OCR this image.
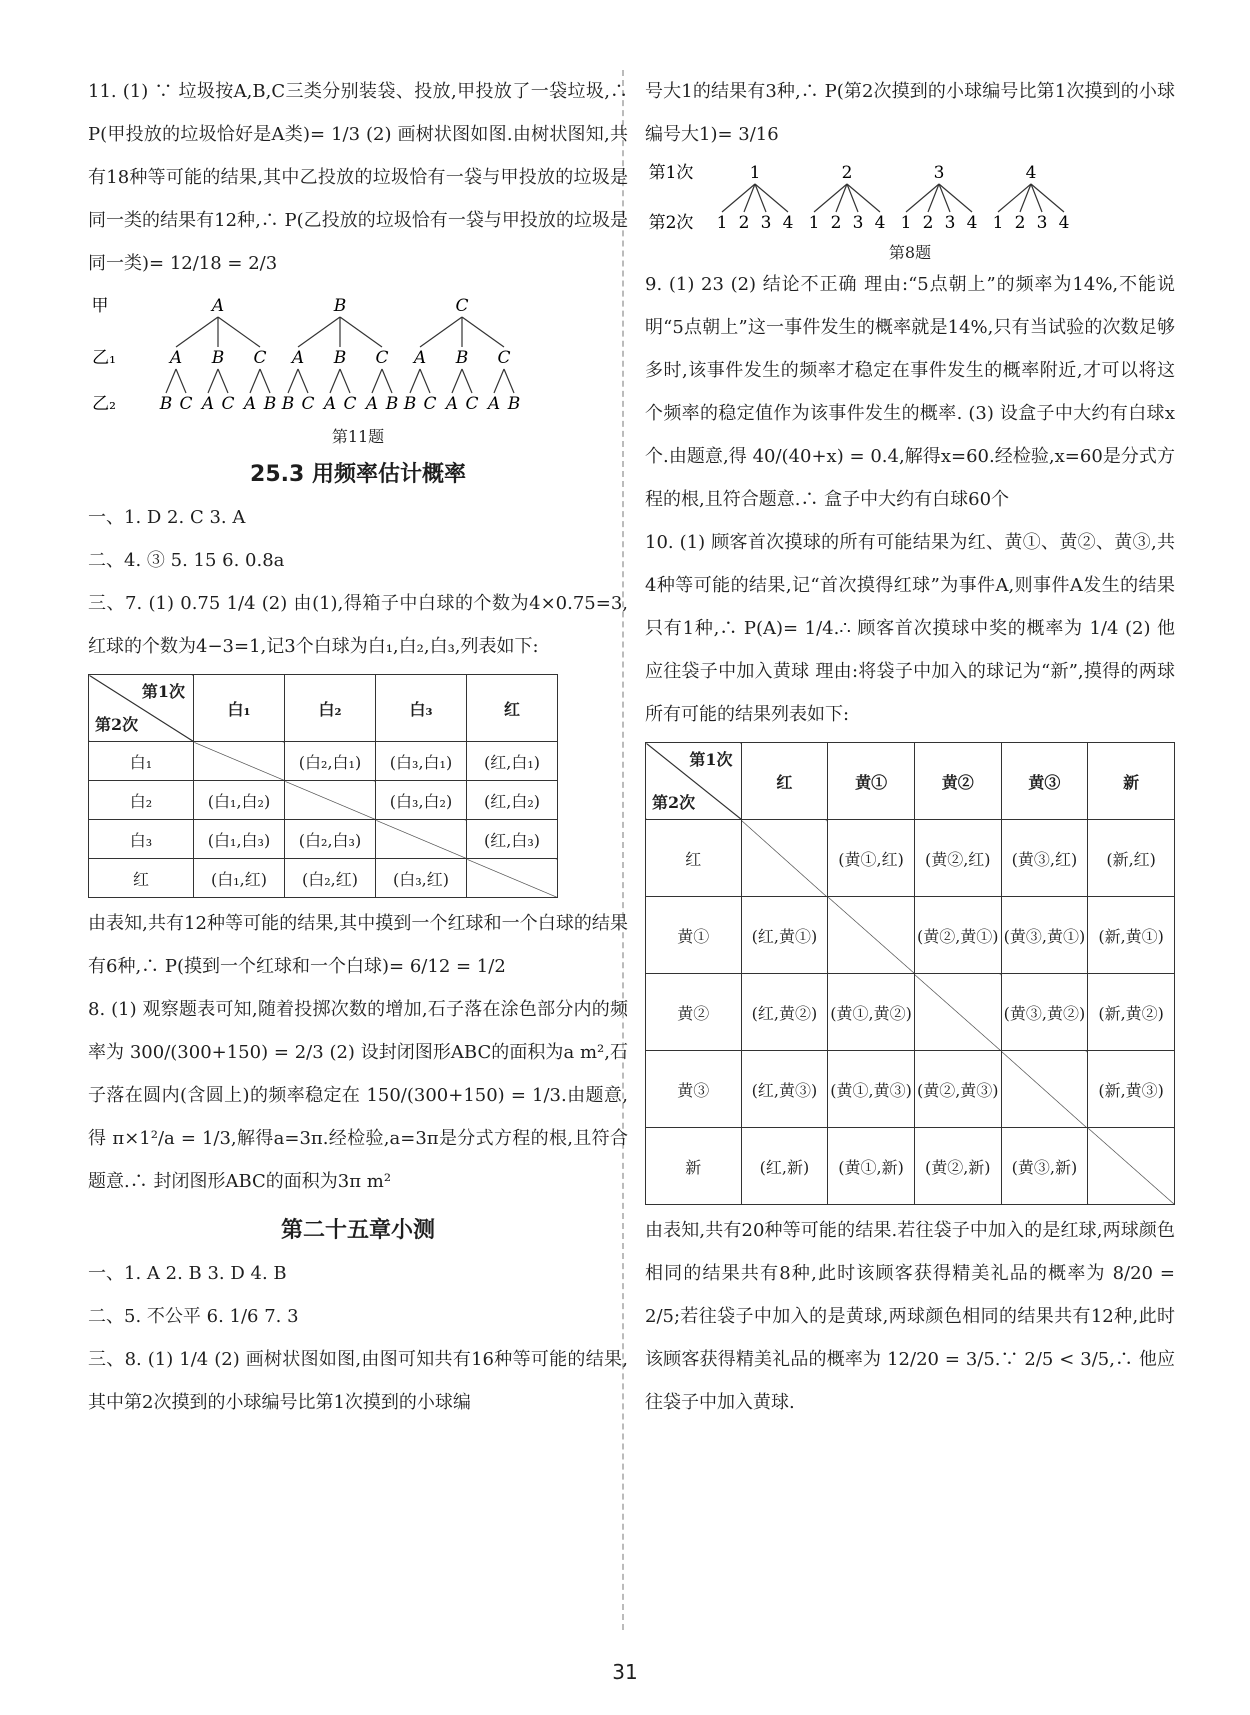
11. (1) ∵ 垃圾按A,B,C三类分别装袋、投放,甲投放了一袋垃圾,∴ P(甲投放的垃圾恰好是A类)= 1/3 (2) 画树状图如图.由树状图知,共有18种等可能的结果,其中乙投放的垃圾恰有一袋与甲投放的垃圾是同一类的结果有12种,∴ P(乙投放的垃圾恰有一袋与甲投放的垃圾是同一类)= 12/18 = 2/3

甲
乙₁
乙₂
A
A
B C
B
A C
C
A B
B
A
B C
B
A C
C
A B
C
A
B C
B
A C
C
A B
第11题
25.3 用频率估计概率

一、1. D 2. C 3. A

二、4. ③ 5. 15 6. 0.8a

三、7. (1) 0.75 1/4 (2) 由(1),得箱子中白球的个数为4×0.75=3,红球的个数为4−3=1,记3个白球为白₁,白₂,白₃,列表如下:

第1次
第2次	白₁	白₂	白₃	红
白₁		(白₂,白₁)	(白₃,白₁)	(红,白₁)
白₂	(白₁,白₂)		(白₃,白₂)	(红,白₂)
白₃	(白₁,白₃)	(白₂,白₃)		(红,白₃)
红	(白₁,红)	(白₂,红)	(白₃,红)	

由表知,共有12种等可能的结果,其中摸到一个红球和一个白球的结果有6种,∴ P(摸到一个红球和一个白球)= 6/12 = 1/2

8. (1) 观察题表可知,随着投掷次数的增加,石子落在涂色部分内的频率为 300/(300+150) = 2/3 (2) 设封闭图形ABC的面积为a m²,石子落在圆内(含圆上)的频率稳定在 150/(300+150) = 1/3.由题意,得 π×1²/a = 1/3,解得a=3π.经检验,a=3π是分式方程的根,且符合题意.∴ 封闭图形ABC的面积为3π m²

第二十五章小测

一、1. A 2. B 3. D 4. B

二、5. 不公平 6. 1/6 7. 3

三、8. (1) 1/4 (2) 画树状图如图,由图可知共有16种等可能的结果,其中第2次摸到的小球编号比第1次摸到的小球编

号大1的结果有3种,∴ P(第2次摸到的小球编号比第1次摸到的小球编号大1)= 3/16

第1次
第2次
1
1 2 3 4
2
1 2 3 4
3
1 2 3 4
4
1 2 3 4
第8题

9. (1) 23 (2) 结论不正确 理由:“5点朝上”的频率为14%,不能说明“5点朝上”这一事件发生的概率就是14%,只有当试验的次数足够多时,该事件发生的频率才稳定在事件发生的概率附近,才可以将这个频率的稳定值作为该事件发生的概率. (3) 设盒子中大约有白球x个.由题意,得 40/(40+x) = 0.4,解得x=60.经检验,x=60是分式方程的根,且符合题意.∴ 盒子中大约有白球60个

10. (1) 顾客首次摸球的所有可能结果为红、黄①、黄②、黄③,共4种等可能的结果,记“首次摸得红球”为事件A,则事件A发生的结果只有1种,∴ P(A)= 1/4.∴ 顾客首次摸球中奖的概率为 1/4 (2) 他应往袋子中加入黄球 理由:将袋子中加入的球记为“新”,摸得的两球所有可能的结果列表如下:

第1次
第2次	红	黄①	黄②	黄③	新
红		(黄①,红)	(黄②,红)	(黄③,红)	(新,红)
黄①	(红,黄①)		(黄②,黄①)	(黄③,黄①)	(新,黄①)
黄②	(红,黄②)	(黄①,黄②)		(黄③,黄②)	(新,黄②)
黄③	(红,黄③)	(黄①,黄③)	(黄②,黄③)		(新,黄③)
新	(红,新)	(黄①,新)	(黄②,新)	(黄③,新)	

由表知,共有20种等可能的结果.若往袋子中加入的是红球,两球颜色相同的结果共有8种,此时该顾客获得精美礼品的概率为 8/20 = 2/5;若往袋子中加入的是黄球,两球颜色相同的结果共有12种,此时该顾客获得精美礼品的概率为 12/20 = 3/5.∵ 2/5 < 3/5,∴ 他应往袋子中加入黄球.

31
